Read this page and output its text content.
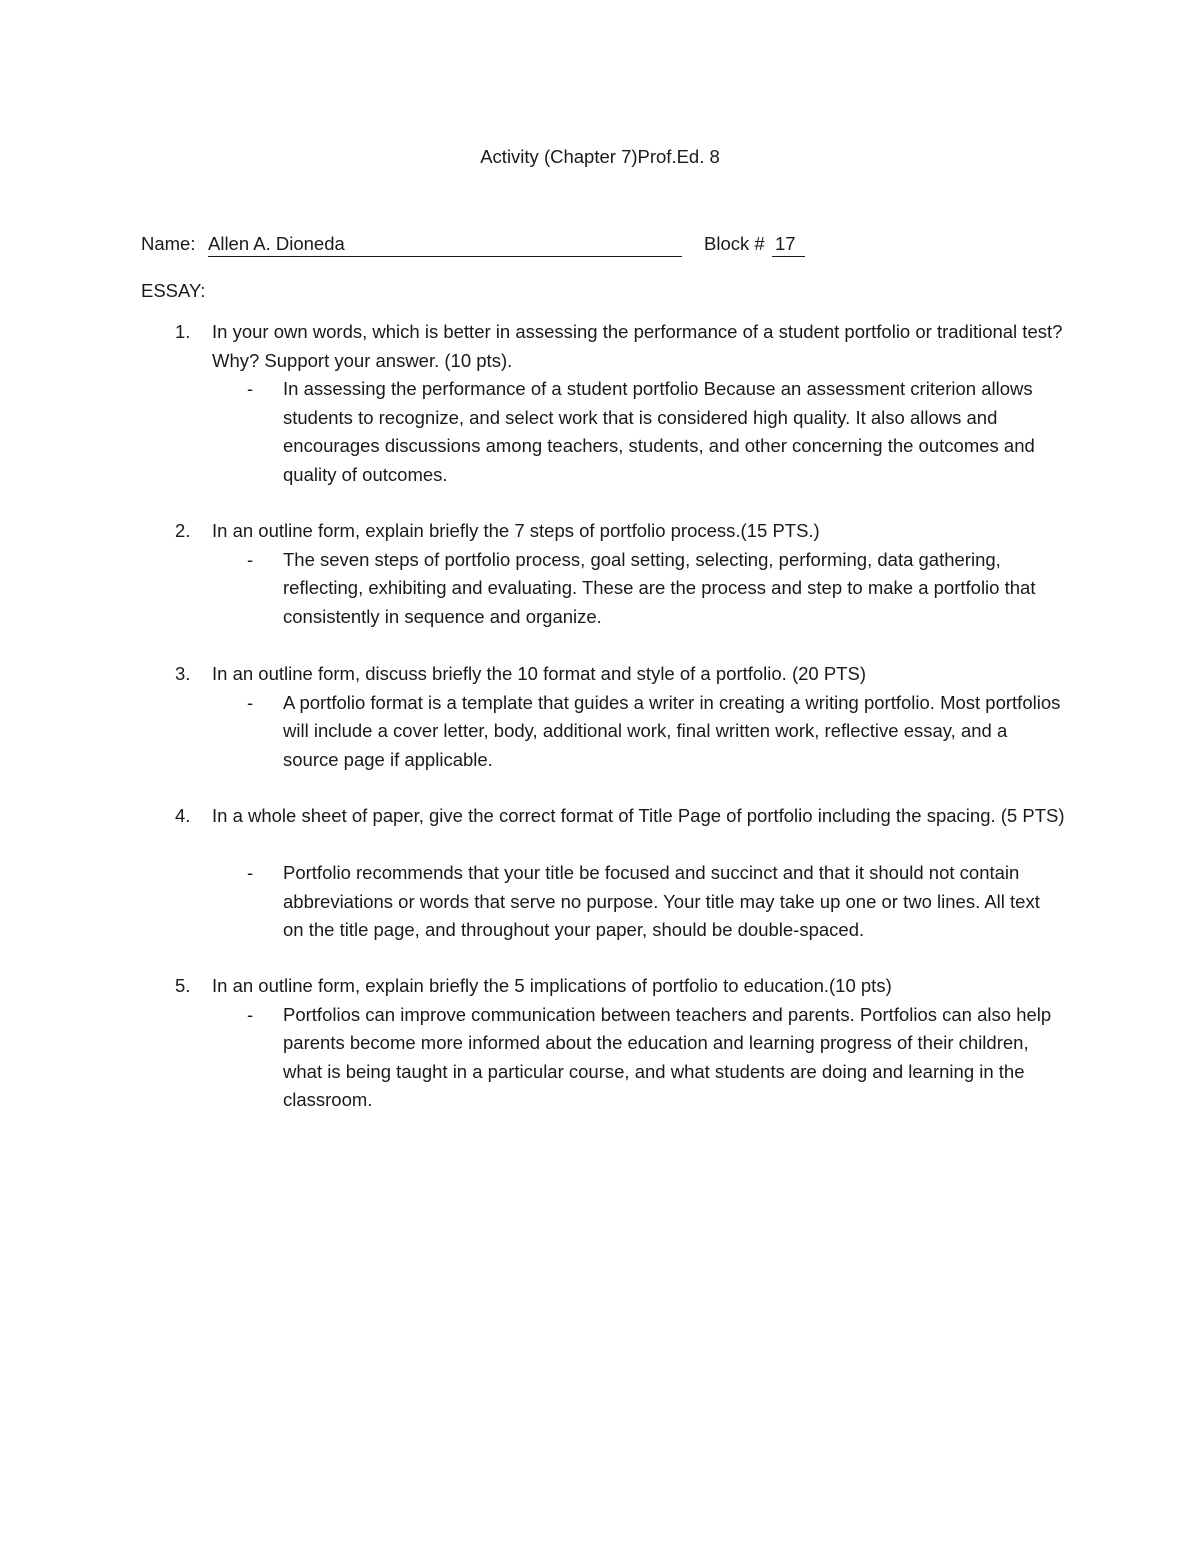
Activity (Chapter 7)Prof.Ed. 8
Name:	Block #
Allen A. Dioneda	17
ESSAY:
1. In your own words, which is better in assessing the performance of a student portfolio or traditional test? Why? Support your answer. (10 pts).
- In assessing the performance of a student portfolio Because an assessment criterion allows students to recognize, and select work that is considered high quality. It also allows and encourages discussions among teachers, students, and other concerning the outcomes and quality of outcomes.
2. In an outline form, explain briefly the 7 steps of portfolio process.(15 PTS.)
- The seven steps of portfolio process, goal setting, selecting, performing, data gathering, reflecting, exhibiting and evaluating. These are the process and step to make a portfolio that consistently in sequence and organize.
3. In an outline form, discuss briefly the 10 format and style of a portfolio. (20 PTS)
- A portfolio format is a template that guides a writer in creating a writing portfolio. Most portfolios will include a cover letter, body, additional work, final written work, reflective essay, and a source page if applicable.
4. In a whole sheet of paper, give the correct format of Title Page of portfolio including the spacing. (5 PTS)
- Portfolio recommends that your title be focused and succinct and that it should not contain abbreviations or words that serve no purpose. Your title may take up one or two lines. All text on the title page, and throughout your paper, should be double-spaced.
5. In an outline form, explain briefly the 5 implications of portfolio to education.(10 pts)
- Portfolios can improve communication between teachers and parents. Portfolios can also help parents become more informed about the education and learning progress of their children, what is being taught in a particular course, and what students are doing and learning in the classroom.
